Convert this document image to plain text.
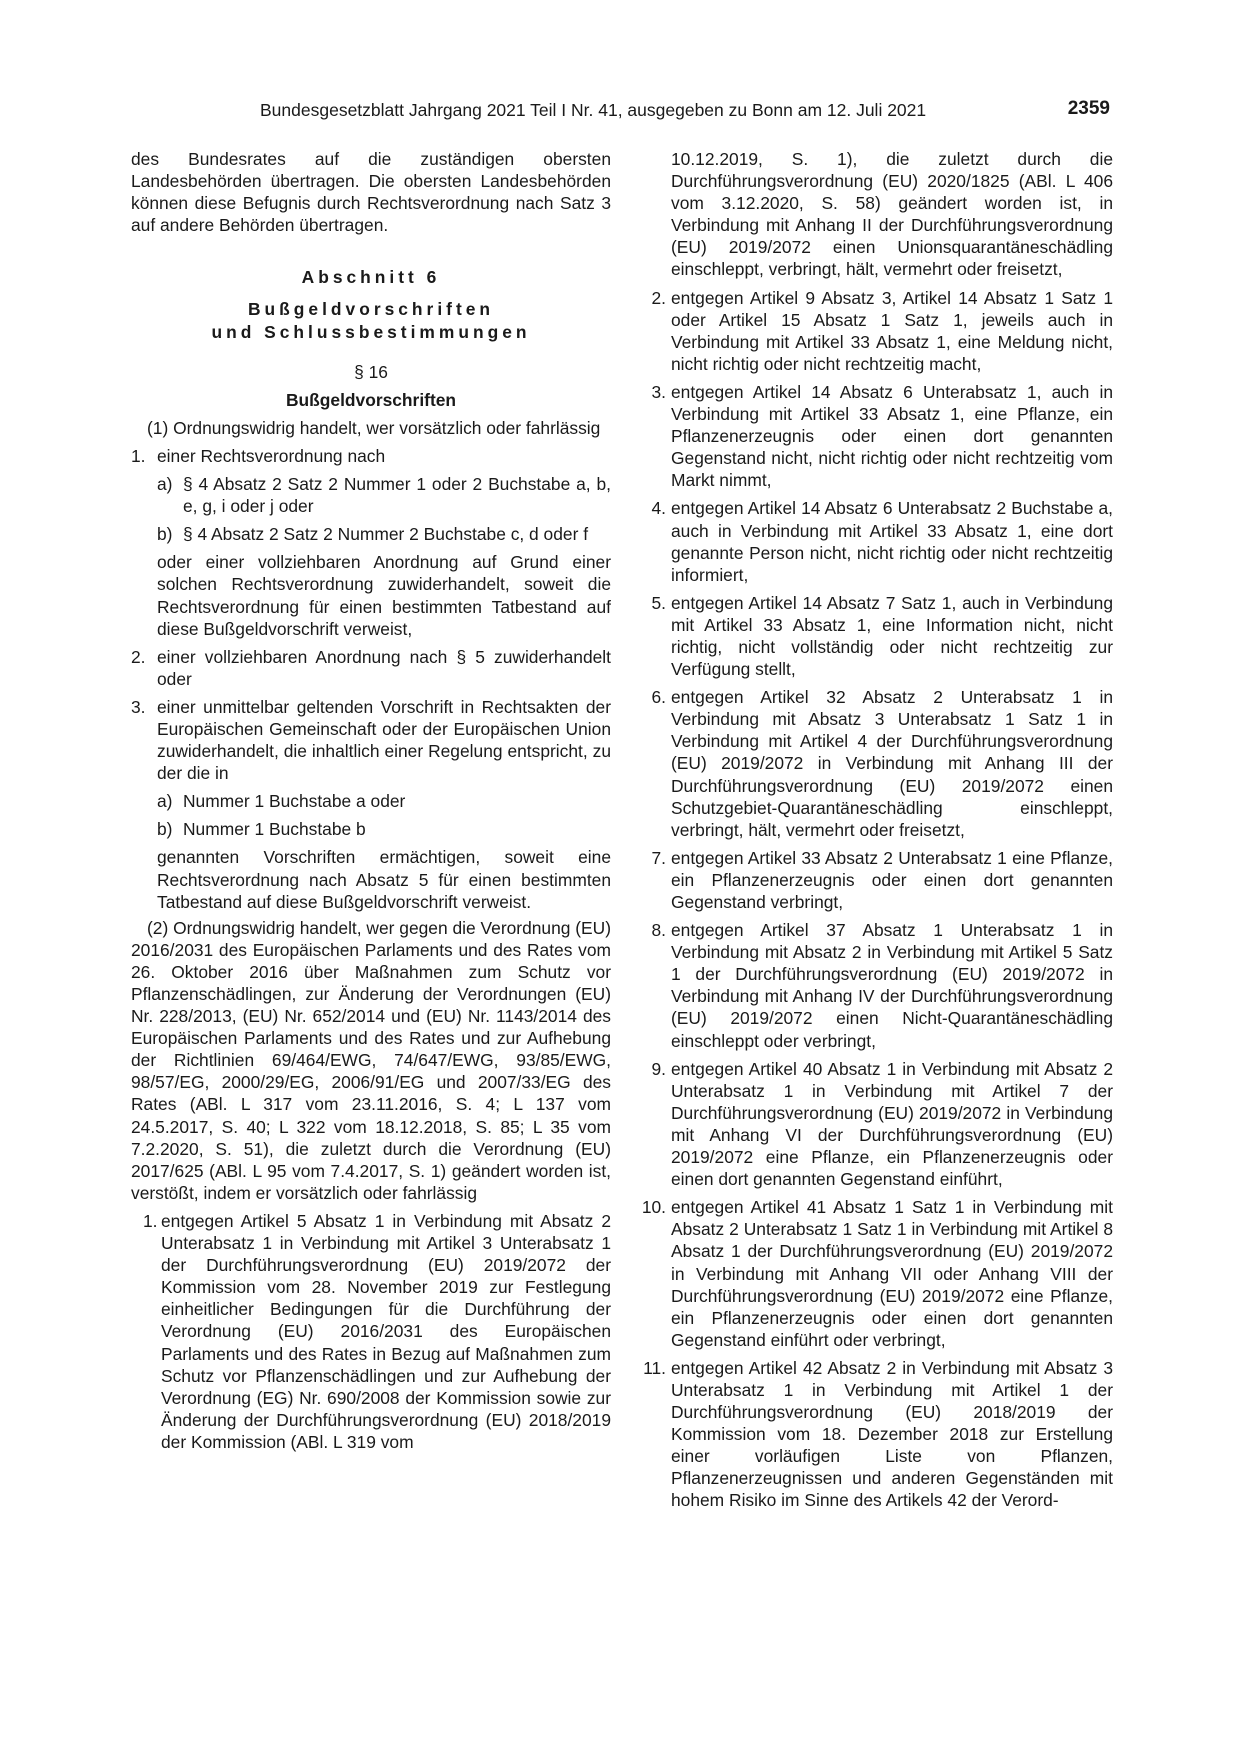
Bundesgesetzblatt Jahrgang 2021 Teil I Nr. 41, ausgegeben zu Bonn am 12. Juli 2021	2359

des Bundesrates auf die zuständigen obersten Landesbehörden übertragen. Die obersten Landesbehörden können diese Befugnis durch Rechtsverordnung nach Satz 3 auf andere Behörden übertragen.

Abschnitt 6

Bußgeldvorschriften

und Schlussbestimmungen

§ 16

Bußgeldvorschriften

(1) Ordnungswidrig handelt, wer vorsätzlich oder fahrlässig

1. einer Rechtsverordnung nach
a) § 4 Absatz 2 Satz 2 Nummer 1 oder 2 Buchstabe a, b, e, g, i oder j oder
b) § 4 Absatz 2 Satz 2 Nummer 2 Buchstabe c, d oder f

oder einer vollziehbaren Anordnung auf Grund einer solchen Rechtsverordnung zuwiderhandelt, soweit die Rechtsverordnung für einen bestimmten Tatbestand auf diese Bußgeldvorschrift verweist,

2. einer vollziehbaren Anordnung nach § 5 zuwiderhandelt oder
3. einer unmittelbar geltenden Vorschrift in Rechtsakten der Europäischen Gemeinschaft oder der Europäischen Union zuwiderhandelt, die inhaltlich einer Regelung entspricht, zu der die in
a) Nummer 1 Buchstabe a oder
b) Nummer 1 Buchstabe b

genannten Vorschriften ermächtigen, soweit eine Rechtsverordnung nach Absatz 5 für einen bestimmten Tatbestand auf diese Bußgeldvorschrift verweist.

(2) Ordnungswidrig handelt, wer gegen die Verordnung (EU) 2016/2031 des Europäischen Parlaments und des Rates vom 26. Oktober 2016 über Maßnahmen zum Schutz vor Pflanzenschädlingen, zur Änderung der Verordnungen (EU) Nr. 228/2013, (EU) Nr. 652/2014 und (EU) Nr. 1143/2014 des Europäischen Parlaments und des Rates und zur Aufhebung der Richtlinien 69/464/EWG, 74/647/EWG, 93/85/EWG, 98/57/EG, 2000/29/EG, 2006/91/EG und 2007/33/EG des Rates (ABl. L 317 vom 23.11.2016, S. 4; L 137 vom 24.5.2017, S. 40; L 322 vom 18.12.2018, S. 85; L 35 vom 7.2.2020, S. 51), die zuletzt durch die Verordnung (EU) 2017/625 (ABl. L 95 vom 7.4.2017, S. 1) geändert worden ist, verstößt, indem er vorsätzlich oder fahrlässig

1. entgegen Artikel 5 Absatz 1 in Verbindung mit Absatz 2 Unterabsatz 1 in Verbindung mit Artikel 3 Unterabsatz 1 der Durchführungsverordnung (EU) 2019/2072 der Kommission vom 28. November 2019 zur Festlegung einheitlicher Bedingungen für die Durchführung der Verordnung (EU) 2016/2031 des Europäischen Parlaments und des Rates in Bezug auf Maßnahmen zum Schutz vor Pflanzenschädlingen und zur Aufhebung der Verordnung (EG) Nr. 690/2008 der Kommission sowie zur Änderung der Durchführungsverordnung (EU) 2018/2019 der Kommission (ABl. L 319 vom

10.12.2019, S. 1), die zuletzt durch die Durchführungsverordnung (EU) 2020/1825 (ABl. L 406 vom 3.12.2020, S. 58) geändert worden ist, in Verbindung mit Anhang II der Durchführungsverordnung (EU) 2019/2072 einen Unionsquarantäneschädling einschleppt, verbringt, hält, vermehrt oder freisetzt,

2. entgegen Artikel 9 Absatz 3, Artikel 14 Absatz 1 Satz 1 oder Artikel 15 Absatz 1 Satz 1, jeweils auch in Verbindung mit Artikel 33 Absatz 1, eine Meldung nicht, nicht richtig oder nicht rechtzeitig macht,
3. entgegen Artikel 14 Absatz 6 Unterabsatz 1, auch in Verbindung mit Artikel 33 Absatz 1, eine Pflanze, ein Pflanzenerzeugnis oder einen dort genannten Gegenstand nicht, nicht richtig oder nicht rechtzeitig vom Markt nimmt,
4. entgegen Artikel 14 Absatz 6 Unterabsatz 2 Buchstabe a, auch in Verbindung mit Artikel 33 Absatz 1, eine dort genannte Person nicht, nicht richtig oder nicht rechtzeitig informiert,
5. entgegen Artikel 14 Absatz 7 Satz 1, auch in Verbindung mit Artikel 33 Absatz 1, eine Information nicht, nicht richtig, nicht vollständig oder nicht rechtzeitig zur Verfügung stellt,
6. entgegen Artikel 32 Absatz 2 Unterabsatz 1 in Verbindung mit Absatz 3 Unterabsatz 1 Satz 1 in Verbindung mit Artikel 4 der Durchführungsverordnung (EU) 2019/2072 in Verbindung mit Anhang III der Durchführungsverordnung (EU) 2019/2072 einen Schutzgebiet-Quarantäneschädling einschleppt, verbringt, hält, vermehrt oder freisetzt,
7. entgegen Artikel 33 Absatz 2 Unterabsatz 1 eine Pflanze, ein Pflanzenerzeugnis oder einen dort genannten Gegenstand verbringt,
8. entgegen Artikel 37 Absatz 1 Unterabsatz 1 in Verbindung mit Absatz 2 in Verbindung mit Artikel 5 Satz 1 der Durchführungsverordnung (EU) 2019/2072 in Verbindung mit Anhang IV der Durchführungsverordnung (EU) 2019/2072 einen Nicht-Quarantäneschädling einschleppt oder verbringt,
9. entgegen Artikel 40 Absatz 1 in Verbindung mit Absatz 2 Unterabsatz 1 in Verbindung mit Artikel 7 der Durchführungsverordnung (EU) 2019/2072 in Verbindung mit Anhang VI der Durchführungsverordnung (EU) 2019/2072 eine Pflanze, ein Pflanzenerzeugnis oder einen dort genannten Gegenstand einführt,
10. entgegen Artikel 41 Absatz 1 Satz 1 in Verbindung mit Absatz 2 Unterabsatz 1 Satz 1 in Verbindung mit Artikel 8 Absatz 1 der Durchführungsverordnung (EU) 2019/2072 in Verbindung mit Anhang VII oder Anhang VIII der Durchführungsverordnung (EU) 2019/2072 eine Pflanze, ein Pflanzenerzeugnis oder einen dort genannten Gegenstand einführt oder verbringt,
11. entgegen Artikel 42 Absatz 2 in Verbindung mit Absatz 3 Unterabsatz 1 in Verbindung mit Artikel 1 der Durchführungsverordnung (EU) 2018/2019 der Kommission vom 18. Dezember 2018 zur Erstellung einer vorläufigen Liste von Pflanzen, Pflanzenerzeugnissen und anderen Gegenständen mit hohem Risiko im Sinne des Artikels 42 der Verord-
